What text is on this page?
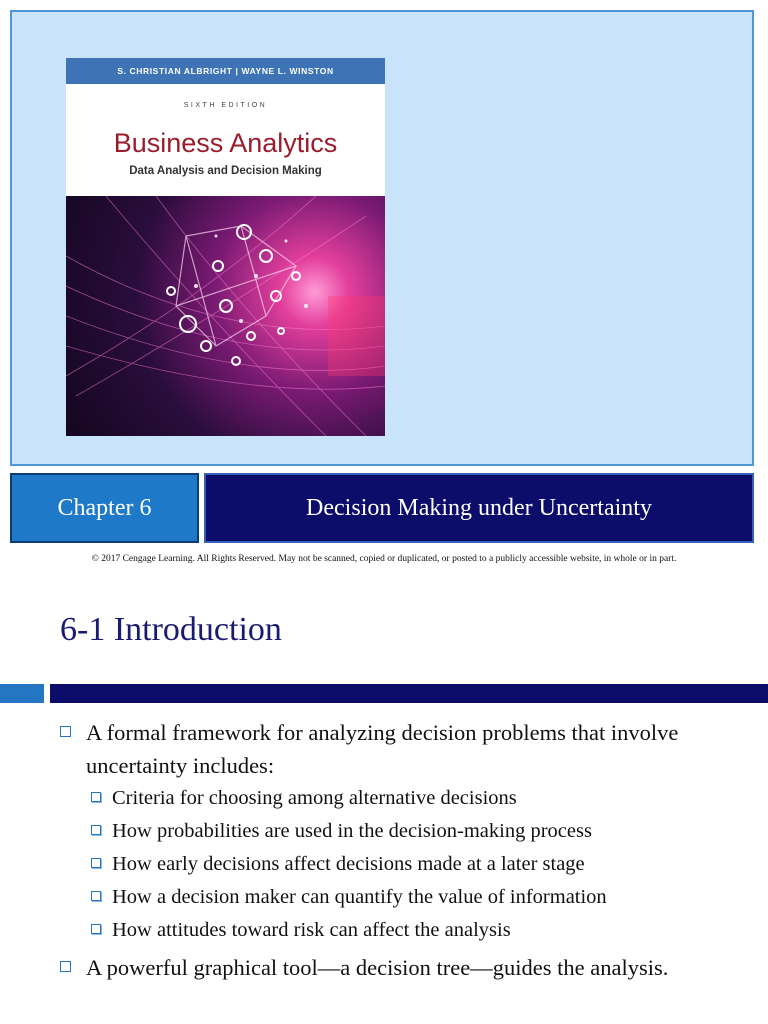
S. CHRISTIAN ALBRIGHT | WAYNE L. WINSTON
SIXTH EDITION
Business Analytics
Data Analysis and Decision Making
Chapter 6	Decision Making under Uncertainty
© 2017 Cengage Learning. All Rights Reserved. May not be scanned, copied or duplicated, or posted to a publicly accessible website, in whole or in part.
6-1 Introduction
A formal framework for analyzing decision problems that involve uncertainty includes:
Criteria for choosing among alternative decisions
How probabilities are used in the decision-making process
How early decisions affect decisions made at a later stage
How a decision maker can quantify the value of information
How attitudes toward risk can affect the analysis
A powerful graphical tool—a decision tree—guides the analysis.
